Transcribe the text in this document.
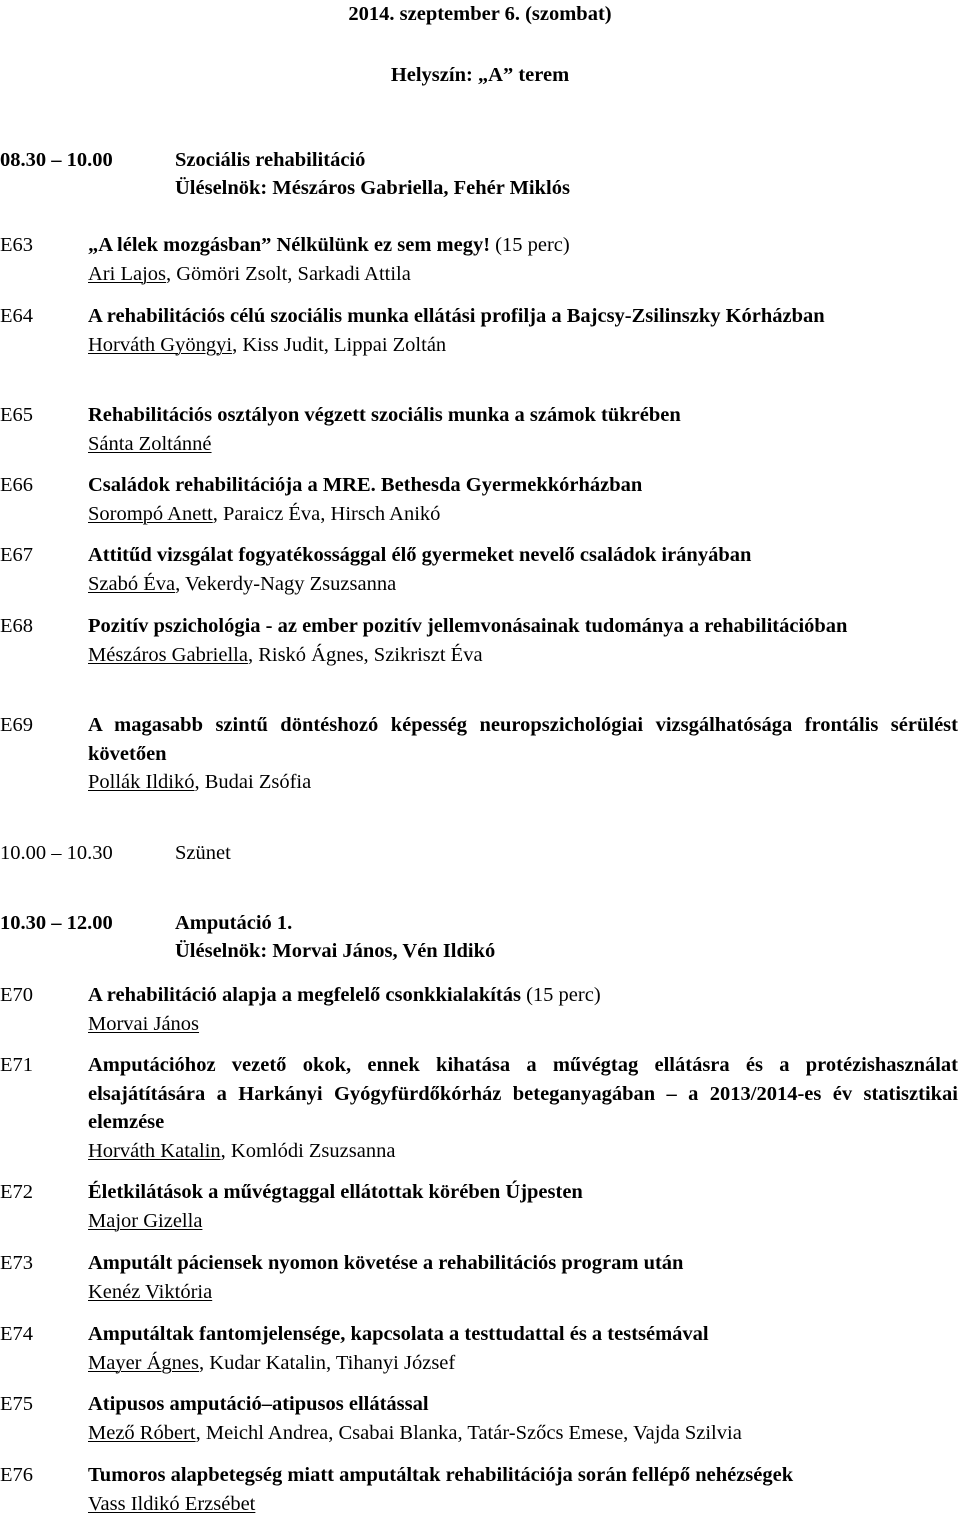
2014. szeptember 6. (szombat)
Helyszín: „A” terem
08.30 – 10.00	Szociális rehabilitáció
Üléselnök: Mészáros Gabriella, Fehér Miklós
E63	„A lélek mozgásban” Nélkülünk ez sem megy! (15 perc)
Ari Lajos, Gömöri Zsolt, Sarkadi Attila
E64	A rehabilitációs célú szociális munka ellátási profilja a Bajcsy-Zsilinszky Kórházban
Horváth Gyöngyi, Kiss Judit, Lippai Zoltán
E65	Rehabilitációs osztályon végzett szociális munka a számok tükrében
Sánta Zoltánné
E66	Családok rehabilitációja a MRE. Bethesda Gyermekkórházban
Sorompó Anett, Paraicz Éva, Hirsch Anikó
E67	Attitűd vizsgálat fogyatékossággal élő gyermeket nevelő családok irányában
Szabó Éva, Vekerdy-Nagy Zsuzsanna
E68	Pozitív pszichológia - az ember pozitív jellemvonásainak tudománya a rehabilitációban
Mészáros Gabriella, Riskó Ágnes, Szikriszt Éva
E69	A magasabb szintű döntéshozó képesség neuropszichológiai vizsgálhatósága frontális sérülést követően
Pollák Ildikó, Budai Zsófia
10.00 – 10.30	Szünet
10.30 – 12.00	Amputáció 1.
Üléselnök: Morvai János, Vén Ildikó
E70	A rehabilitáció alapja a megfelelő csonkkialakítás (15 perc)
Morvai János
E71	Amputációhoz vezető okok, ennek kihatása a művégtag ellátásra és a protézishasználat elsajátítására a Harkányi Gyógyfürdőkórház beteganyagában – a 2013/2014-es év statisztikai elemzése
Horváth Katalin, Komlódi Zsuzsanna
E72	Életkilátások a művégtaggal ellátottak körében Újpesten
Major Gizella
E73	Amputált páciensek nyomon követése a rehabilitációs program után
Kenéz Viktória
E74	Amputáltak fantomjelensége, kapcsolata a testtudattal és a testsémával
Mayer Ágnes, Kudar Katalin, Tihanyi József
E75	Atipusos amputáció–atipusos ellátással
Mező Róbert, Meichl Andrea, Csabai Blanka, Tatár-Szőcs Emese, Vajda Szilvia
E76	Tumoros alapbetegség miatt amputáltak rehabilitációja során fellépő nehézségek
Vass Ildikó Erzsébet
